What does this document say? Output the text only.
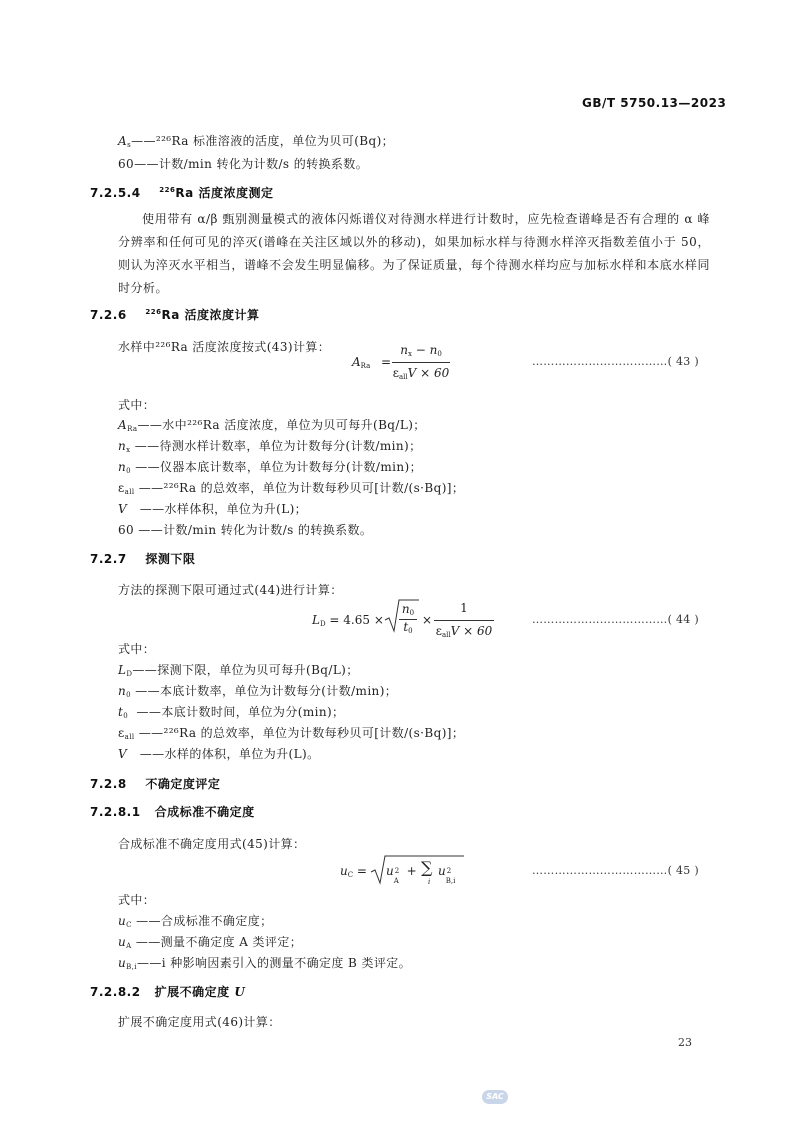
GB/T 5750.13—2023
$A_s——^{226}Ra$ 标准溶液的活度，单位为贝可(Bq)；
60——计数/min 转化为计数/s 的转换系数。
7.2.5.4	$^{226}$Ra 活度浓度测定
使用带有 α/β 甄别测量模式的液体闪烁谱仪对待测水样进行计数时，应先检查谱峰是否有合理的 α 峰分辨率和任何可见的淬灭(谱峰在关注区域以外的移动)，如果加标水样与待测水样淬灭指数差值小于 50，则认为淬灭水平相当，谱峰不会发生明显偏移。为了保证质量，每个待测水样均应与加标水样和本底水样同时分析。
7.2.6	$^{226}$Ra 活度浓度计算
水样中²²⁶Ra 活度浓度按式(43)计算：
$A_{Ra}$ =
$n_x - n_0$
$\varepsilon_{all}V \times 60$
………………………………( 43 )
式中：
$A_{Ra}——$水中²²⁶Ra 活度浓度，单位为贝可每升(Bq/L)；
$n_x$ ——待测水样计数率，单位为计数每分(计数/min)；
$n_0$ ——仪器本底计数率，单位为计数每分(计数/min)；
$\varepsilon_{all}$ ——²²⁶Ra 的总效率，单位为计数每秒贝可[计数/(s·Bq)]；
V ——水样体积，单位为升(L)；
60 ——计数/min 转化为计数/s 的转换系数。
7.2.7 探测下限
方法的探测下限可通过式(44)进行计算：
$L_D = 4.65$ ×
$n_0$
$t_0$
×
1
$\varepsilon_{all}V \times 60$
………………………………( 44 )
式中：
$L_D——$探测下限，单位为贝可每升(Bq/L)；
$n_0$ ——本底计数率，单位为计数每分(计数/min)；
$t_0$ ——本底计数时间，单位为分(min)；
$\varepsilon_{all}$ ——²²⁶Ra 的总效率，单位为计数每秒贝可[计数/(s·Bq)]；
V ——水样的体积，单位为升(L)。
7.2.8 不确定度评定
7.2.8.1 合成标准不确定度
合成标准不确定度用式(45)计算：
$u_C = u$
A
2 + ∑
i
u
B,i
2	………………………………( 45 )
式中：
$u_C$ ——合成标准不确定度；
$u_A$ ——测量不确定度 A 类评定；
$u_{B,i}——i$ 种影响因素引入的测量不确定度 B 类评定。
7.2.8.2 扩展不确定度 U
扩展不确定度用式(46)计算：
23
SAC
